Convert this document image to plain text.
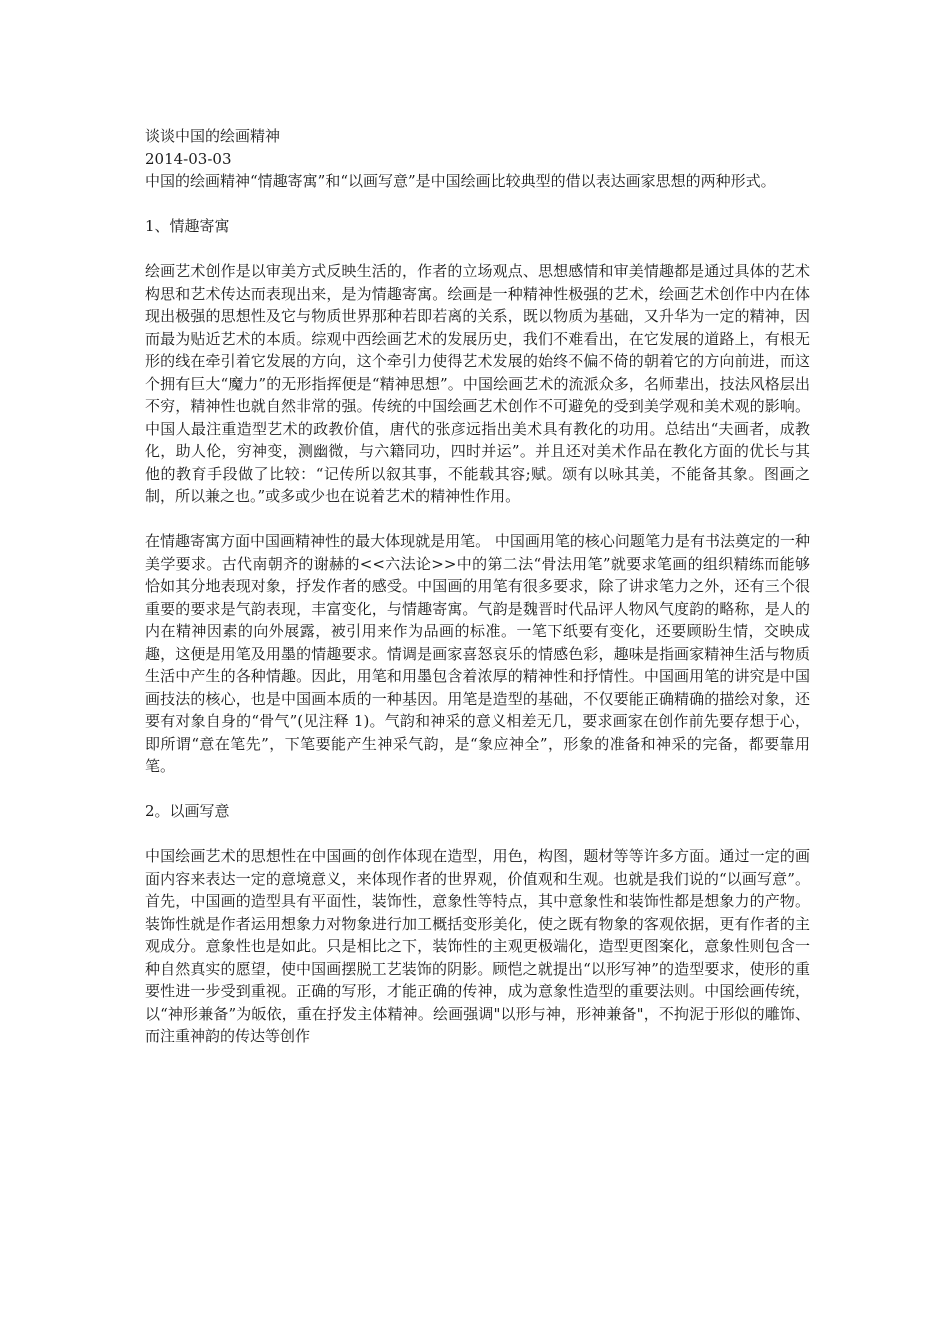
谈谈中国的绘画精神
2014-03-03
中国的绘画精神“情趣寄寓”和“以画写意”是中国绘画比较典型的借以表达画家思想的两种形式。
1、情趣寄寓
绘画艺术创作是以审美方式反映生活的，作者的立场观点、思想感情和审美情趣都是通过具体的艺术构思和艺术传达而表现出来，是为情趣寄寓。绘画是一种精神性极强的艺术，绘画艺术创作中内在体现出极强的思想性及它与物质世界那种若即若离的关系，既以物质为基础，又升华为一定的精神，因而最为贴近艺术的本质。综观中西绘画艺术的发展历史，我们不难看出，在它发展的道路上，有根无形的线在牵引着它发展的方向，这个牵引力使得艺术发展的始终不偏不倚的朝着它的方向前进，而这个拥有巨大“魔力”的无形指挥便是“精神思想”。中国绘画艺术的流派众多，名师辈出，技法风格层出不穷，精神性也就自然非常的强。传统的中国绘画艺术创作不可避免的受到美学观和美术观的影响。中国人最注重造型艺术的政教价值，唐代的张彦远指出美术具有教化的功用。总结出“夫画者，成教化，助人伦，穷神变，测幽微，与六籍同功，四时并运”。并且还对美术作品在教化方面的优长与其他的教育手段做了比较：“记传所以叙其事，不能载其容;赋。颂有以咏其美，不能备其象。图画之制，所以兼之也。”或多或少也在说着艺术的精神性作用。
在情趣寄寓方面中国画精神性的最大体现就是用笔。 中国画用笔的核心问题笔力是有书法奠定的一种美学要求。古代南朝齐的谢赫的<<六法论>>中的第二法“骨法用笔”就要求笔画的组织精练而能够恰如其分地表现对象，抒发作者的感受。中国画的用笔有很多要求，除了讲求笔力之外，还有三个很重要的要求是气韵表现，丰富变化，与情趣寄寓。气韵是魏晋时代品评人物风气度韵的略称，是人的内在精神因素的向外展露，被引用来作为品画的标准。一笔下纸要有变化，还要顾盼生情，交映成趣，这便是用笔及用墨的情趣要求。情调是画家喜怒哀乐的情感色彩，趣味是指画家精神生活与物质生活中产生的各种情趣。因此，用笔和用墨包含着浓厚的精神性和抒情性。中国画用笔的讲究是中国画技法的核心，也是中国画本质的一种基因。用笔是造型的基础，不仅要能正确精确的描绘对象，还要有对象自身的“骨气”(见注释 1)。气韵和神采的意义相差无几，要求画家在创作前先要存想于心，即所谓“意在笔先”，下笔要能产生神采气韵，是“象应神全”，形象的准备和神采的完备，都要靠用笔。
2。以画写意
中国绘画艺术的思想性在中国画的创作体现在造型，用色，构图，题材等等许多方面。通过一定的画面内容来表达一定的意境意义，来体现作者的世界观，价值观和生观。也就是我们说的“以画写意”。首先，中国画的造型具有平面性，装饰性，意象性等特点，其中意象性和装饰性都是想象力的产物。装饰性就是作者运用想象力对物象进行加工概括变形美化，使之既有物象的客观依据，更有作者的主观成分。意象性也是如此。只是相比之下，装饰性的主观更极端化，造型更图案化，意象性则包含一种自然真实的愿望，使中国画摆脱工艺装饰的阴影。顾恺之就提出“以形写神”的造型要求，使形的重要性进一步受到重视。正确的写形，才能正确的传神，成为意象性造型的重要法则。中国绘画传统，以“神形兼备”为皈依，重在抒发主体精神。绘画强调"以形与神，形神兼备"，不拘泥于形似的雕饰、而注重神韵的传达等创作
